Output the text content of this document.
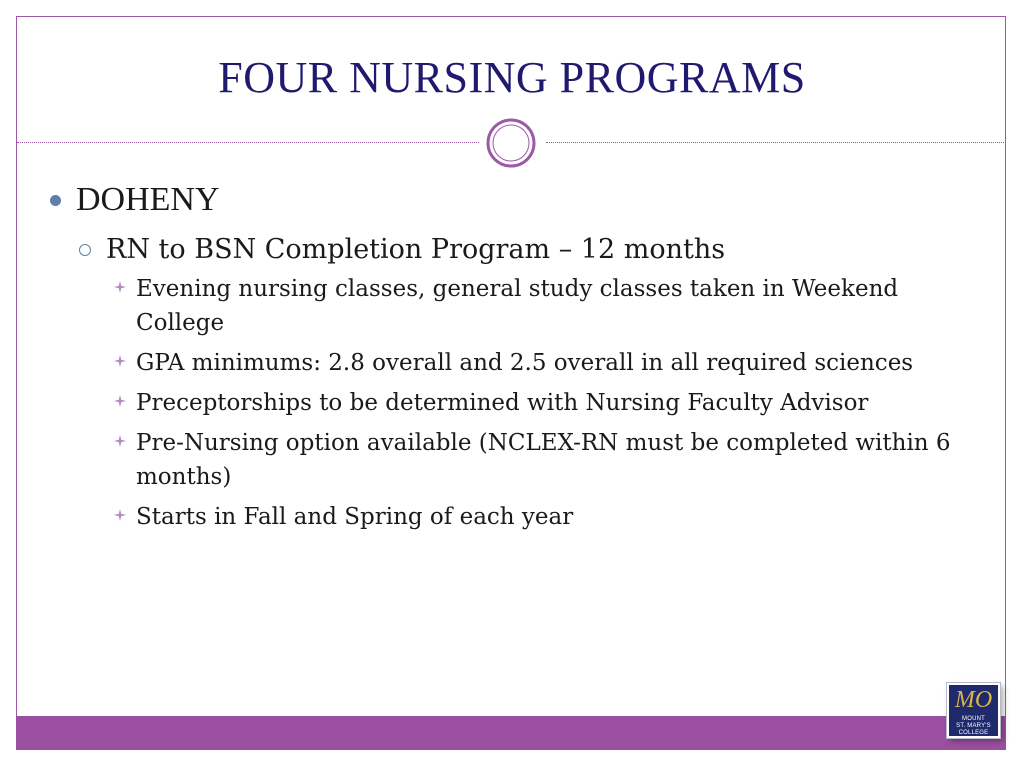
FOUR NURSING PROGRAMS
DOHENY
RN to BSN Completion Program – 12 months
Evening nursing classes, general study classes taken in Weekend College
GPA minimums: 2.8 overall and 2.5 overall in all required sciences
Preceptorships to be determined with Nursing Faculty Advisor
Pre-Nursing option available (NCLEX-RN must be completed within 6 months)
Starts in Fall and Spring of each year
MO
MOUNT
ST. MARY'S
COLLEGE
